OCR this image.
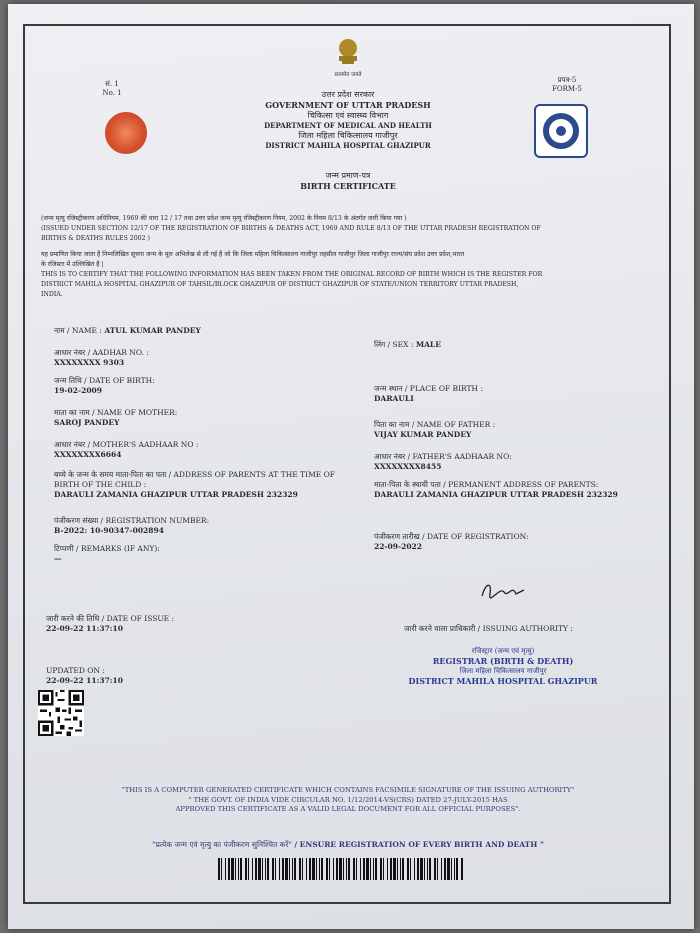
सं. 1
No. 1
सत्यमेव जयते
उत्तर प्रदेश सरकार
GOVERNMENT OF UTTAR PRADESH
चिकित्सा एवं स्वास्थ्य विभाग
DEPARTMENT OF MEDICAL AND HEALTH
जिला महिला चिकित्सालय गाजीपुर
DISTRICT MAHILA HOSPITAL GHAZIPUR
जन्म प्रमाण-पत्र
BIRTH CERTIFICATE
प्रपत्र-5
FORM-5
(जन्म मृत्यु रजिस्ट्रीकरण अधिनियम, 1969 की धारा 12 / 17 तथा उत्तर प्रदेश जन्म मृत्यु रजिस्ट्रीकरण नियम, 2002 के नियम 8/13 के अंतर्गत जारी किया गया )
(ISSUED UNDER SECTION 12/17 OF THE REGISTRATION OF BIRTHS & DEATHS ACT, 1969 AND RULE 8/13 OF THE UTTAR PRADESH REGISTRATION OF
BIRTHS & DEATHS RULES 2002 )
यह प्रमाणित किया जाता है निम्नलिखित सूचना जन्म के मूल अभिलेख से ली गई है जो कि जिला महिला चिकित्सालय गाजीपुर तहसील गाजीपुर जिला गाजीपुर राज्य/संघ प्रदेश उत्तर प्रदेश,भारत
के रजिस्टर में उल्लिखित है |
THIS IS TO CERTIFY THAT THE FOLLOWING INFORMATION HAS BEEN TAKEN FROM THE ORIGINAL RECORD OF BIRTH WHICH IS THE REGISTER FOR
DISTRICT MAHILA HOSPITAL GHAZIPUR OF TAHSIL/BLOCK GHAZIPUR OF DISTRICT GHAZIPUR OF STATE/UNION TERRITORY UTTAR PRADESH,
INDIA.
नाम / NAME : ATUL KUMAR PANDEY
आधार नंबर / AADHAR NO. :
XXXXXXXX 9303
जन्म तिथि / DATE OF BIRTH:
19-02-2009
माता का नाम / NAME OF MOTHER:
SAROJ PANDEY
आधार नंबर / MOTHER'S AADHAAR NO :
XXXXXXXX6664
बच्चे के जन्म के समय माता-पिता का पता / ADDRESS OF PARENTS AT THE TIME OF
BIRTH OF THE CHILD :
DARAULI ZAMANIA GHAZIPUR UTTAR PRADESH 232329
पंजीकरण संख्या / REGISTRATION NUMBER:
B-2022: 10-90347-002894
टिप्पणी / REMARKS (IF ANY):
—
लिंग / SEX : MALE
जन्म स्थान / PLACE OF BIRTH :
DARAULI
पिता का नाम / NAME OF FATHER :
VIJAY KUMAR PANDEY
आधार नंबर / FATHER'S AADHAAR NO:
XXXXXXXX8455
माता-पिता के स्थायी पता / PERMANENT ADDRESS OF PARENTS:
DARAULI ZAMANIA GHAZIPUR UTTAR PRADESH 232329
पंजीकरण तारीख / DATE OF REGISTRATION:
22-09-2022
जारी करने की तिथि / DATE OF ISSUE :
22-09-22 11:37:10	जारी करने वाला प्राधिकारी / ISSUING AUTHORITY :
रजिस्ट्रार (जन्म एवं मृत्यु)
REGISTRAR (BIRTH & DEATH)
जिला महिला चिकित्सालय गाजीपुर
DISTRICT MAHILA HOSPITAL GHAZIPUR
UPDATED ON :
22-09-22 11:37:10
"THIS IS A COMPUTER GENERATED CERTIFICATE WHICH CONTAINS FACSIMILE SIGNATURE OF THE ISSUING AUTHORITY"
" THE GOVT. OF INDIA VIDE CIRCULAR NO. 1/12/2014-VS(CRS) DATED 27-JULY-2015 HAS
APPROVED THIS CERTIFICATE AS A VALID LEGAL DOCUMENT FOR ALL OFFICIAL PURPOSES".
"प्रत्येक जन्म एवं मृत्यु का पंजीकरण सुनिश्चित करें" / ENSURE REGISTRATION OF EVERY BIRTH AND DEATH "
